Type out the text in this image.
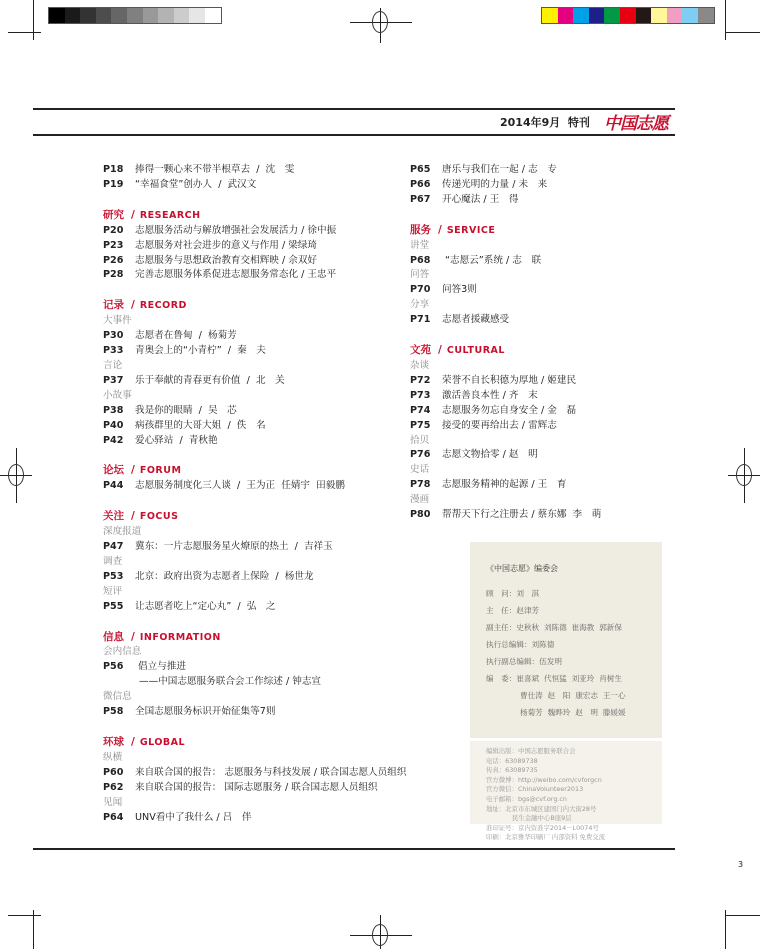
2014年9月  特刊 中国志愿
P18	捧得一颗心来不带半根草去  /  沈　雯
P19	“幸福食堂”创办人  /  武汉文
研究 / RESEARCH
P20	志愿服务活动与解放增强社会发展活力 / 徐中振
P23	志愿服务对社会进步的意义与作用 / 梁绿琦
P26	志愿服务与思想政治教育交相辉映 / 佘双好
P28	完善志愿服务体系促进志愿服务常态化 / 王忠平
记录 / RECORD
大事件
P30	志愿者在鲁甸  /  杨菊芳
P33	青奥会上的“小青柠”  /  秦　夫
言论
P37	乐于奉献的青春更有价值  /  北　关
小故事
P38	我是你的眼睛  /  吴　芯
P40	病孩群里的大哥大姐  /  佚　名
P42	爱心驿站  /  青秋艳
论坛 / FORUM
P44	志愿服务制度化三人谈  /  王为正  任婧宇  田毅鹏
关注 / FOCUS
深度报道
P47	冀东：一片志愿服务星火燎原的热土  /  吉祥玉
调查
P53	北京：政府出资为志愿者上保险  /  杨世龙
短评
P55	让志愿者吃上“定心丸”  /  弘　之
信息 / INFORMATION
会内信息
P56	倡立与推进
——中国志愿服务联合会工作综述 / 钟志宣
微信息
P58	全国志愿服务标识开始征集等7则
环球 / GLOBAL
纵横
P60	来自联合国的报告： 志愿服务与科技发展 / 联合国志愿人员组织
P62	来自联合国的报告： 国际志愿服务 / 联合国志愿人员组织
见闻
P64	UNV看中了我什么 / 吕　伴
P65	唐乐与我们在一起 / 志　专
P66	传递光明的力量 / 未　来
P67	开心魔法 / 王　得
服务 / SERVICE
讲堂
P68	“志愿云”系统 / 志　联
问答
P70	问答3则
分享
P71	志愿者援藏感受
文苑 / CULTURAL
杂谈
P72	荣誉不自长积德为厚地 / 姬建民
P73	激活善良本性 / 齐　末
P74	志愿服务勿忘自身安全 / 金　磊
P75	接受的要再给出去 / 雷辉志
拾贝
P76	志愿文物拾零 / 赵　明
史话
P78	志愿服务精神的起源 / 王　育
漫画
P80	帮帮天下行之注册去 / 蔡东娜  李　萌
《中国志愿》编委会
顾　问：刘　淇
主　任：赵津芳
副主任：史秋秋  刘陈德  崔海教  郭新保
执行总编辑：刘陈德
执行副总编辑：伍发明
编　委：崔喜斌  代恒猛  刘亚玲  肖树生
曹仕涛  赵　阳  康宏志  王一心
杨菊芳  魏晔玲  赵　明  滕媛媛
编辑出版：中国志愿服务联合会
电话：63089738
传真：63089735
官方微博：http://weibo.com/cvforgcn
官方微信：ChinaVolunteer2013
电子邮箱：bgs@cvf.org.cn
地址：北京市东城区建国门内大街28号
民生金融中心B座9层
准印证号：京内资准字2014－L0074号
印刷：北京雅华印刷厂 内部资料 免费交流
3
